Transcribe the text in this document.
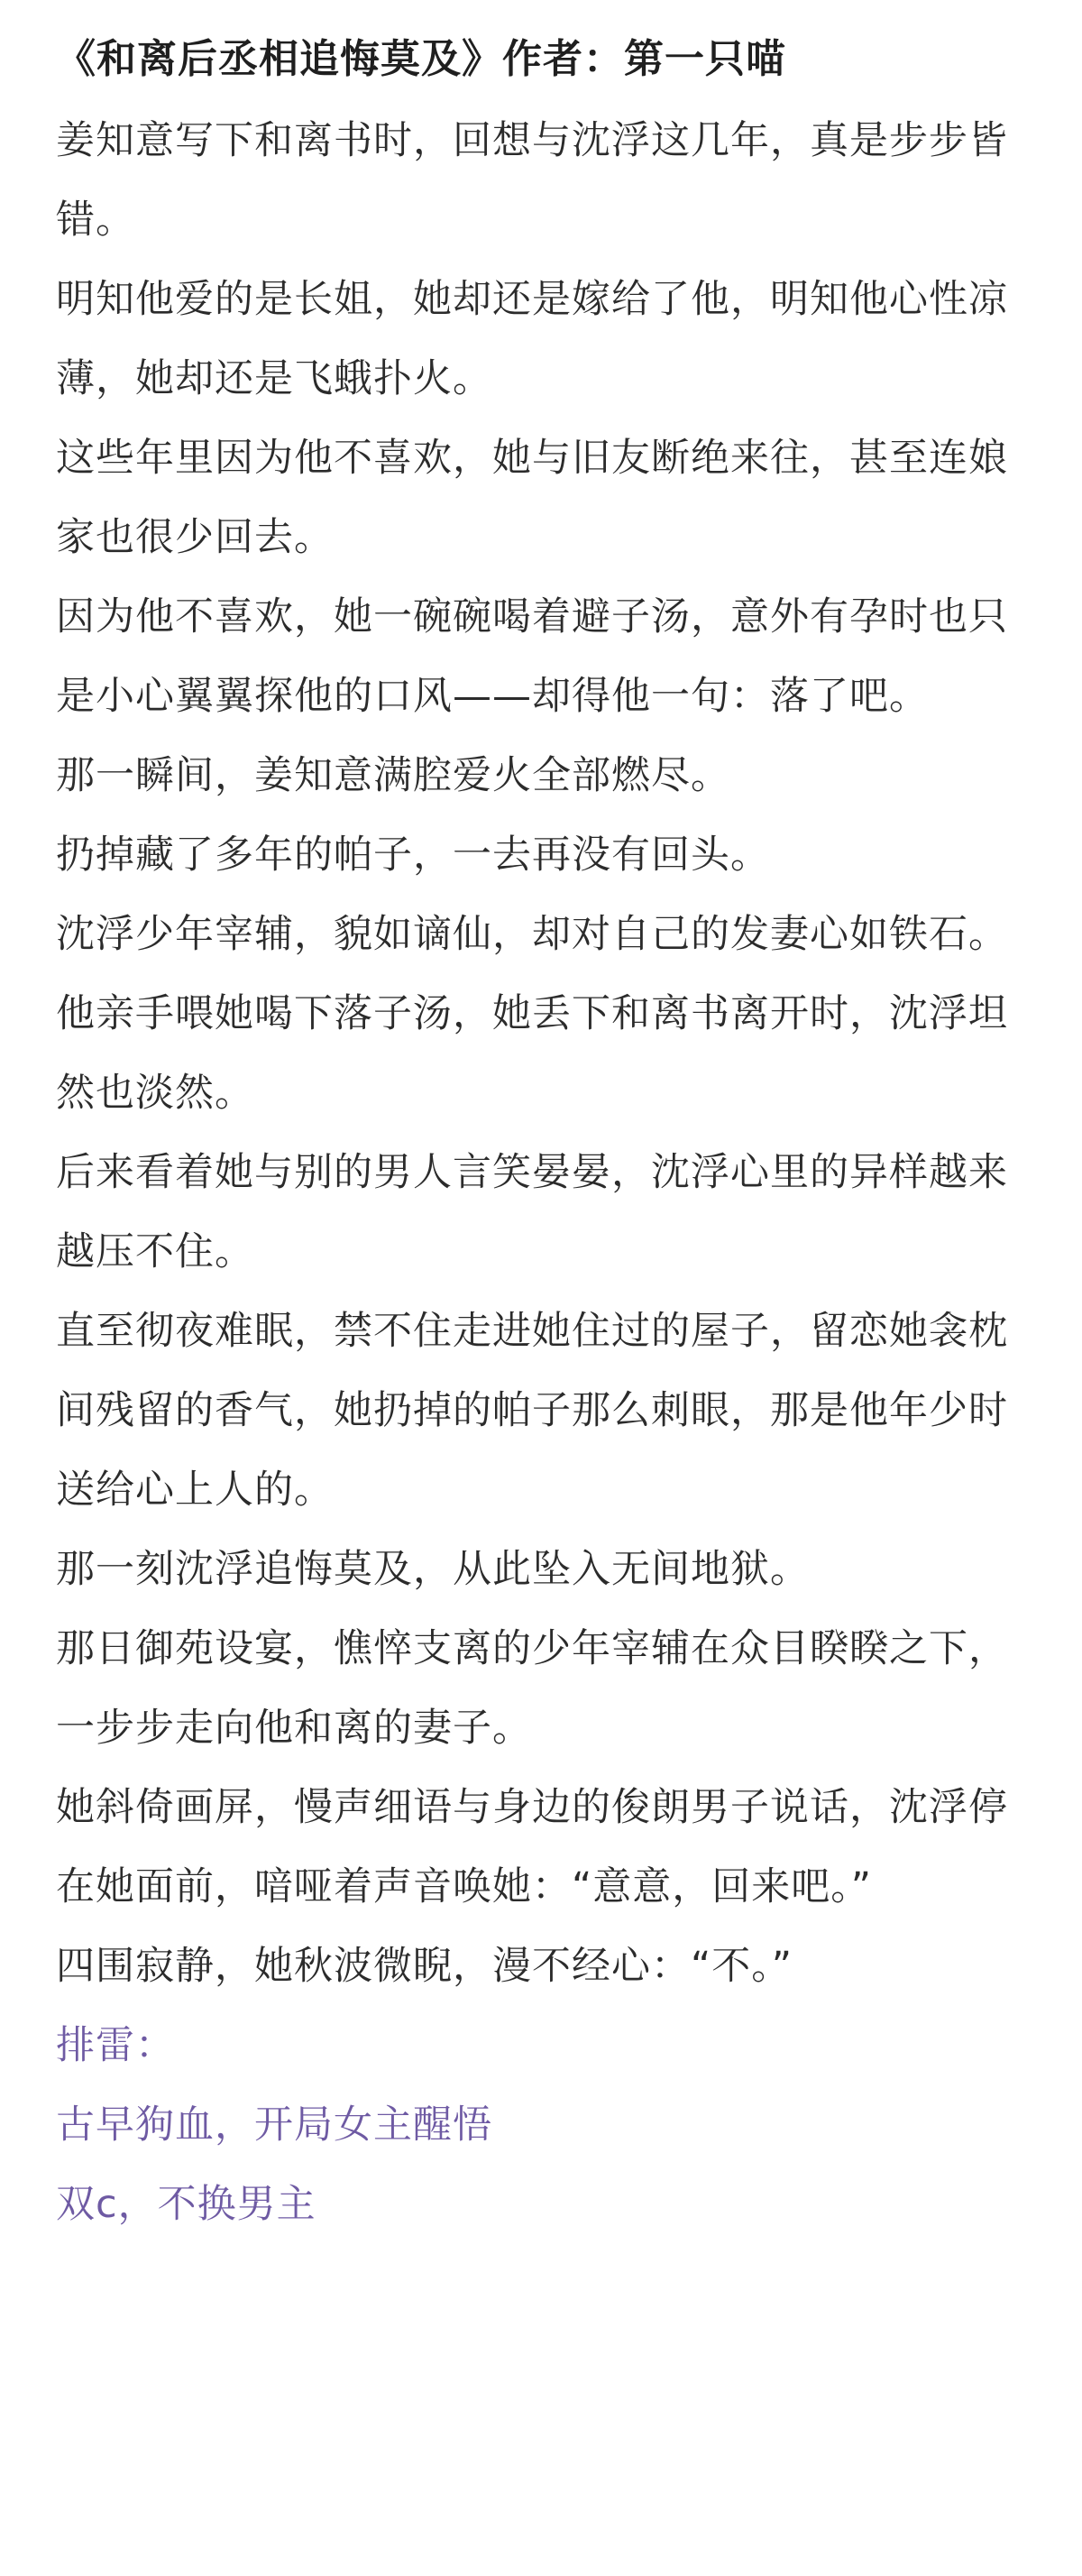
《和离后丞相追悔莫及》作者：第一只喵

姜知意写下和离书时，回想与沈浮这几年，真是步步皆错。

明知他爱的是长姐，她却还是嫁给了他，明知他心性凉薄，她却还是飞蛾扑火。

这些年里因为他不喜欢，她与旧友断绝来往，甚至连娘家也很少回去。

因为他不喜欢，她一碗碗喝着避子汤，意外有孕时也只是小心翼翼探他的口风——却得他一句：落了吧。

那一瞬间，姜知意满腔爱火全部燃尽。

扔掉藏了多年的帕子，一去再没有回头。

沈浮少年宰辅，貌如谪仙，却对自己的发妻心如铁石。

他亲手喂她喝下落子汤，她丢下和离书离开时，沈浮坦然也淡然。

后来看着她与别的男人言笑晏晏，沈浮心里的异样越来越压不住。

直至彻夜难眠，禁不住走进她住过的屋子，留恋她衾枕间残留的香气，她扔掉的帕子那么刺眼，那是他年少时送给心上人的。

那一刻沈浮追悔莫及，从此坠入无间地狱。

那日御苑设宴，憔悴支离的少年宰辅在众目睽睽之下，一步步走向他和离的妻子。

她斜倚画屏，慢声细语与身边的俊朗男子说话，沈浮停在她面前，喑哑着声音唤她：“意意，回来吧。”

四围寂静，她秋波微睨，漫不经心：“不。”

排雷：
古早狗血，开局女主醒悟
双c，不换男主
